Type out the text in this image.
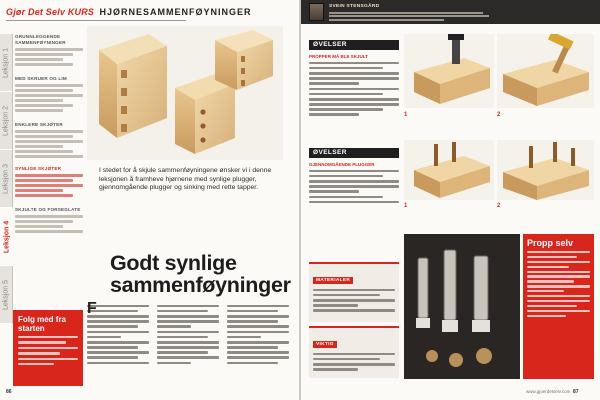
Gjør Det Selv KURS HJØRNESAMMENFØYNINGER
Leksjon 1
Leksjon 2
Leksjon 3
Leksjon 4
Leksjon 5
GRUNNLEGGENDE SAMMENFØYNINGER
MED SKRUER OG LIM
ENKLERE SKJØTER
SYNLIGE SKJØTER
SKJULTE OG FORSEGLATE
Folg med fra starten

I stedet for å skjule sammenføyningene ønsker vi i denne leksjonen å framheve hjørnene med synlige plugger, gjennomgående plugger og sinking med rette tapper.

Godt synlige sammenføyninger
F
86
SVEIN STENSGÅRD
ØVELSER
PROPPER MÅ BLE SKJULT
1	2
ØVELSER
GJENNOMGÅENDE PLUGGER
1	2
MATERIALER
VIKTIG
Propp selv
www.gjoerdetselv.com 87
